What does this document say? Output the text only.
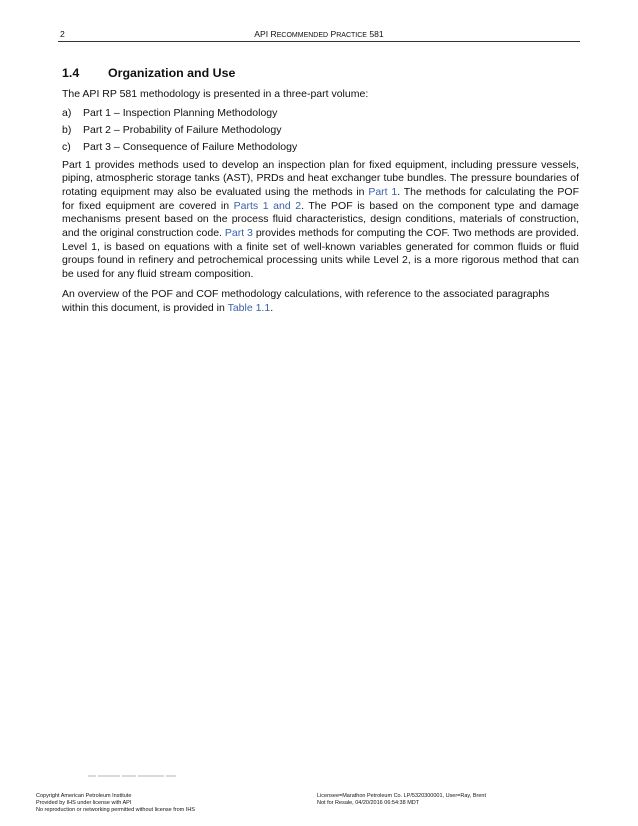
2	API RECOMMENDED PRACTICE 581
1.4	Organization and Use

The API RP 581 methodology is presented in a three-part volume:

a)	Part 1 – Inspection Planning Methodology
b)	Part 2 – Probability of Failure Methodology
c)	Part 3 – Consequence of Failure Methodology

Part 1 provides methods used to develop an inspection plan for fixed equipment, including pressure vessels, piping, atmospheric storage tanks (AST), PRDs and heat exchanger tube bundles. The pressure boundaries of rotating equipment may also be evaluated using the methods in Part 1. The methods for calculating the POF for fixed equipment are covered in Parts 1 and 2. The POF is based on the component type and damage mechanisms present based on the process fluid characteristics, design conditions, materials of construction, and the original construction code. Part 3 provides methods for computing the COF. Two methods are provided. Level 1, is based on equations with a finite set of well-known variables generated for common fluids or fluid groups found in refinery and petrochemical processing units while Level 2, is a more rigorous method that can be used for any fluid stream composition.

An overview of the POF and COF methodology calculations, with reference to the associated paragraphs within this document, is provided in Table 1.1.

Copyright American Petroleum Institute
Provided by IHS under license with API
No reproduction or networking permitted without license from IHS
Licensee=Marathon Petroleum Co. LP/5320300001, User=Ray, Brent
Not for Resale, 04/20/2016 06:54:38 MDT
